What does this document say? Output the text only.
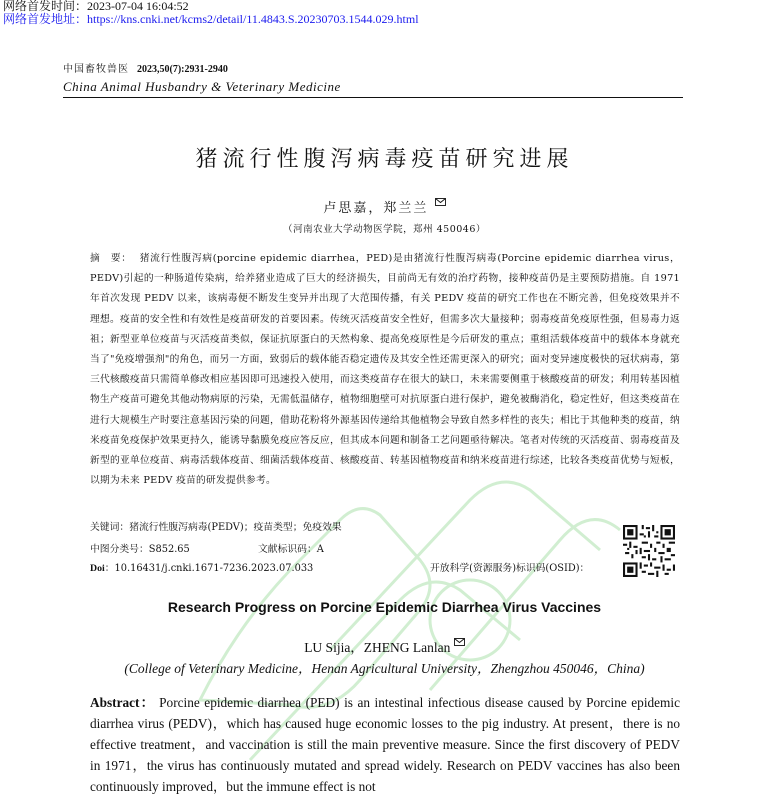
网络首发时间：2023-07-04 16:04:52
网络首发地址：https://kns.cnki.net/kcms2/detail/11.4843.S.20230703.1544.029.html
中国畜牧兽医 2023,50(7):2931-2940
China Animal Husbandry & Veterinary Medicine
猪流行性腹泻病毒疫苗研究进展
卢思嘉，郑兰兰
（河南农业大学动物医学院，郑州 450046）
摘　要： 猪流行性腹泻病(porcine epidemic diarrhea，PED)是由猪流行性腹泻病毒(Porcine epidemic diarrhea virus，PEDV)引起的一种肠道传染病，给养猪业造成了巨大的经济损失，目前尚无有效的治疗药物，接种疫苗仍是主要预防措施。自 1971 年首次发现 PEDV 以来，该病毒便不断发生变异并出现了大范围传播，有关 PEDV 疫苗的研究工作也在不断完善，但免疫效果并不理想。疫苗的安全性和有效性是疫苗研发的首要因素。传统灭活疫苗安全性好，但需多次大量接种；弱毒疫苗免疫原性强，但易毒力返祖；新型亚单位疫苗与灭活疫苗类似，保证抗原蛋白的天然构象、提高免疫原性是今后研发的重点；重组活载体疫苗中的载体本身就充当了"免疫增强剂"的角色，而另一方面，致弱后的载体能否稳定遗传及其安全性还需更深入的研究；面对变异速度极快的冠状病毒，第三代核酸疫苗只需简单修改相应基因即可迅速投入使用，而这类疫苗存在很大的缺口，未来需要侧重于核酸疫苗的研发；利用转基因植物生产疫苗可避免其他动物病原的污染，无需低温储存，植物细胞壁可对抗原蛋白进行保护，避免被酶消化，稳定性好，但这类疫苗在进行大规模生产时要注意基因污染的问题，借助花粉将外源基因传递给其他植物会导致自然多样性的丧失；相比于其他种类的疫苗，纳米疫苗免疫保护效果更持久，能诱导黏膜免疫应答反应，但其成本问题和制备工艺问题亟待解决。笔者对传统的灭活疫苗、弱毒疫苗及新型的亚单位疫苗、病毒活载体疫苗、细菌活载体疫苗、核酸疫苗、转基因植物疫苗和纳米疫苗进行综述，比较各类疫苗优势与短板，以期为未来 PEDV 疫苗的研发提供参考。
关键词：猪流行性腹泻病毒(PEDV)；疫苗类型；免疫效果
中图分类号：S852.65	文献标识码：A
Doi：10.16431/j.cnki.1671-7236.2023.07.033	开放科学(资源服务)标识码(OSID)：
Research Progress on Porcine Epidemic Diarrhea Virus Vaccines
LU Sijia，ZHENG Lanlan
(College of Veterinary Medicine，Henan Agricultural University，Zhengzhou 450046，China)
Abstract： Porcine epidemic diarrhea (PED) is an intestinal infectious disease caused by Porcine epidemic diarrhea virus (PEDV)，which has caused huge economic losses to the pig industry. At present，there is no effective treatment，and vaccination is still the main preventive measure. Since the first discovery of PEDV in 1971，the virus has continuously mutated and spread widely. Research on PEDV vaccines has also been continuously improved，but the immune effect is not
